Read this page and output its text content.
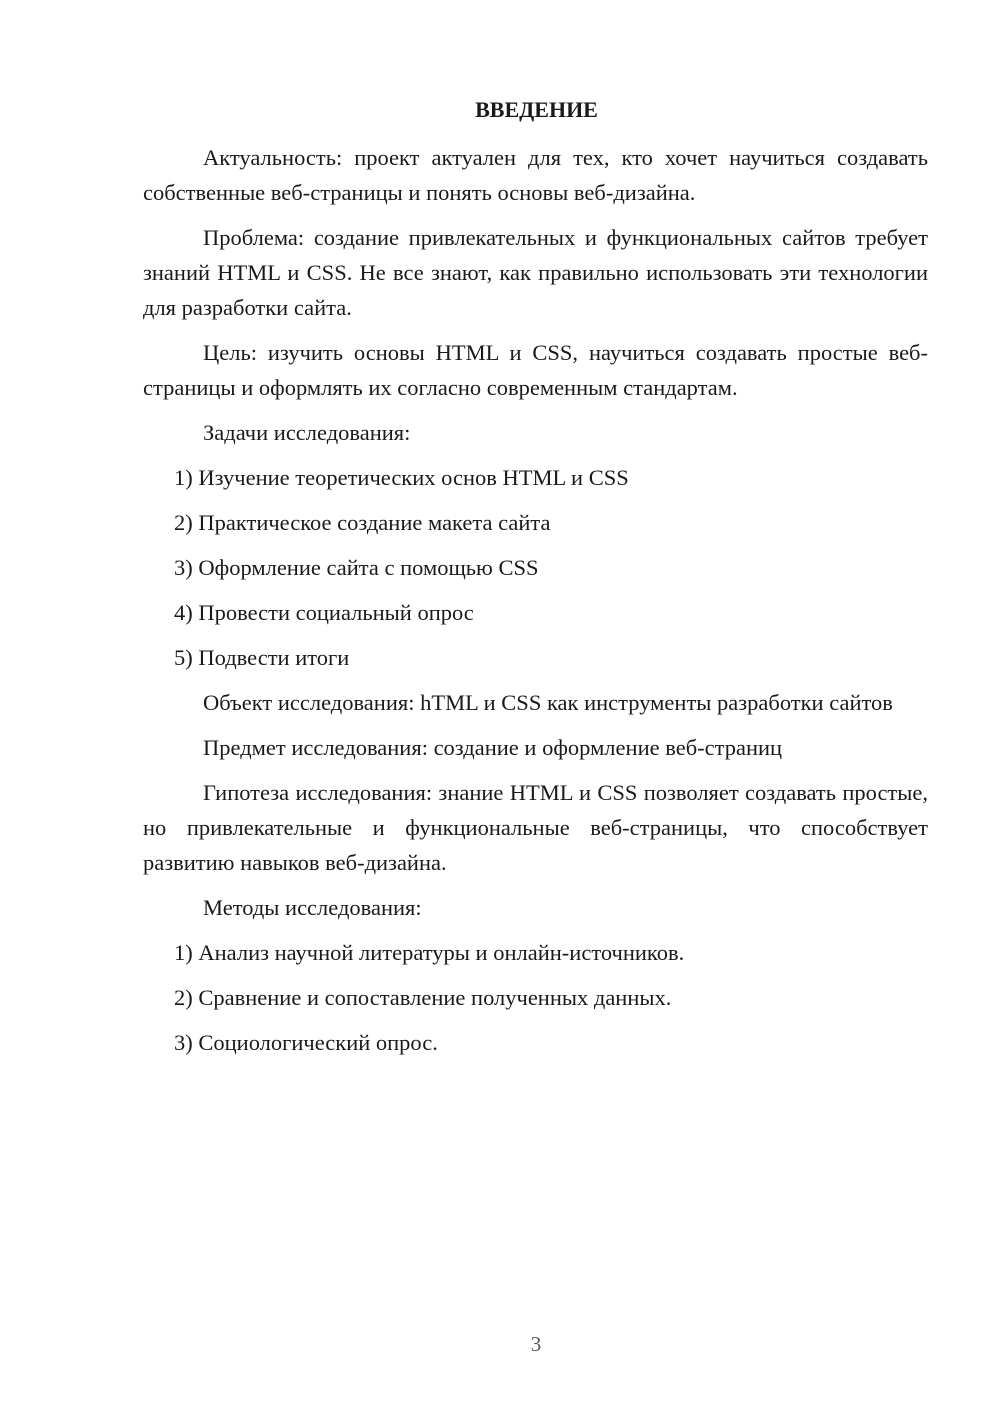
ВВЕДЕНИЕ
Актуальность: проект актуален для тех, кто хочет научиться создавать собственные веб-страницы и понять основы веб-дизайна.
Проблема: создание привлекательных и функциональных сайтов требует знаний HTML и CSS. Не все знают, как правильно использовать эти технологии для разработки сайта.
Цель: изучить основы HTML и CSS, научиться создавать простые веб-страницы и оформлять их согласно современным стандартам.
Задачи исследования:
1) Изучение теоретических основ HTML и CSS
2) Практическое создание макета сайта
3) Оформление сайта с помощью CSS
4) Провести социальный опрос
5) Подвести итоги
Объект исследования: hTML и CSS как инструменты разработки сайтов
Предмет исследования: создание и оформление веб-страниц
Гипотеза исследования: знание HTML и CSS позволяет создавать простые, но привлекательные и функциональные веб-страницы, что способствует развитию навыков веб-дизайна.
Методы исследования:
1) Анализ научной литературы и онлайн-источников.
2) Сравнение и сопоставление полученных данных.
3) Социологический опрос.
3
